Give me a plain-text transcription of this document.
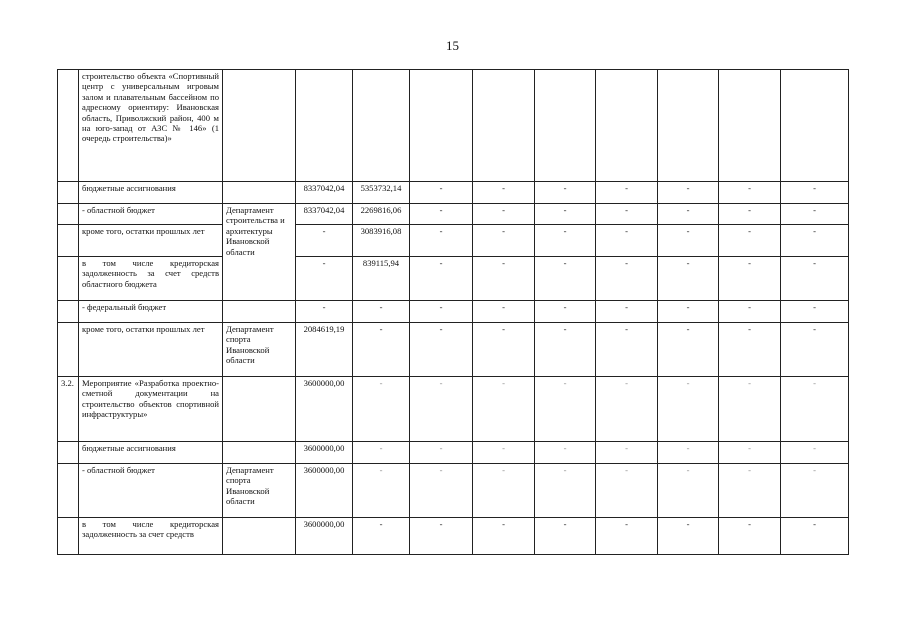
15
	строительство объекта «Спортивный центр с универсальным игровым залом и плавательным бассейном по адресному ориентиру: Ивановская область, Приволжский район, 400 м на юго-запад от АЗС № 146» (1 очередь строительства)»										
	бюджетные ассигнования		8337042,04	5353732,14	-	-	-	-	-	-	-
	- областной бюджет	Департамент строительства и архитектуры Ивановской области	8337042,04	2269816,06	-	-	-	-	-	-	-
	кроме того, остатки прошлых лет		-	3083916,08	-	-	-	-	-	-	-
	в том числе кредиторская задолженность за счет средств областного бюджета		-	839115,94	-	-	-	-	-	-	-
	- федеральный бюджет		-	-	-	-	-	-	-	-	-
	кроме того, остатки прошлых лет	Департамент спорта Ивановской области	2084619,19	-	-	-	-	-	-	-	-
3.2.	Мероприятие «Разработка проектно-сметной документации на строительство объектов спортивной инфраструктуры»		3600000,00	-	-	-	-	-	-	-	-
	бюджетные ассигнования		3600000,00	-	-	-	-	-	-	-	-
	- областной бюджет	Департамент спорта Ивановской области	3600000,00	-	-	-	-	-	-	-	-
	в том числе кредиторская задолженность за счет средств		3600000,00	-	-	-	-	-	-	-	-
